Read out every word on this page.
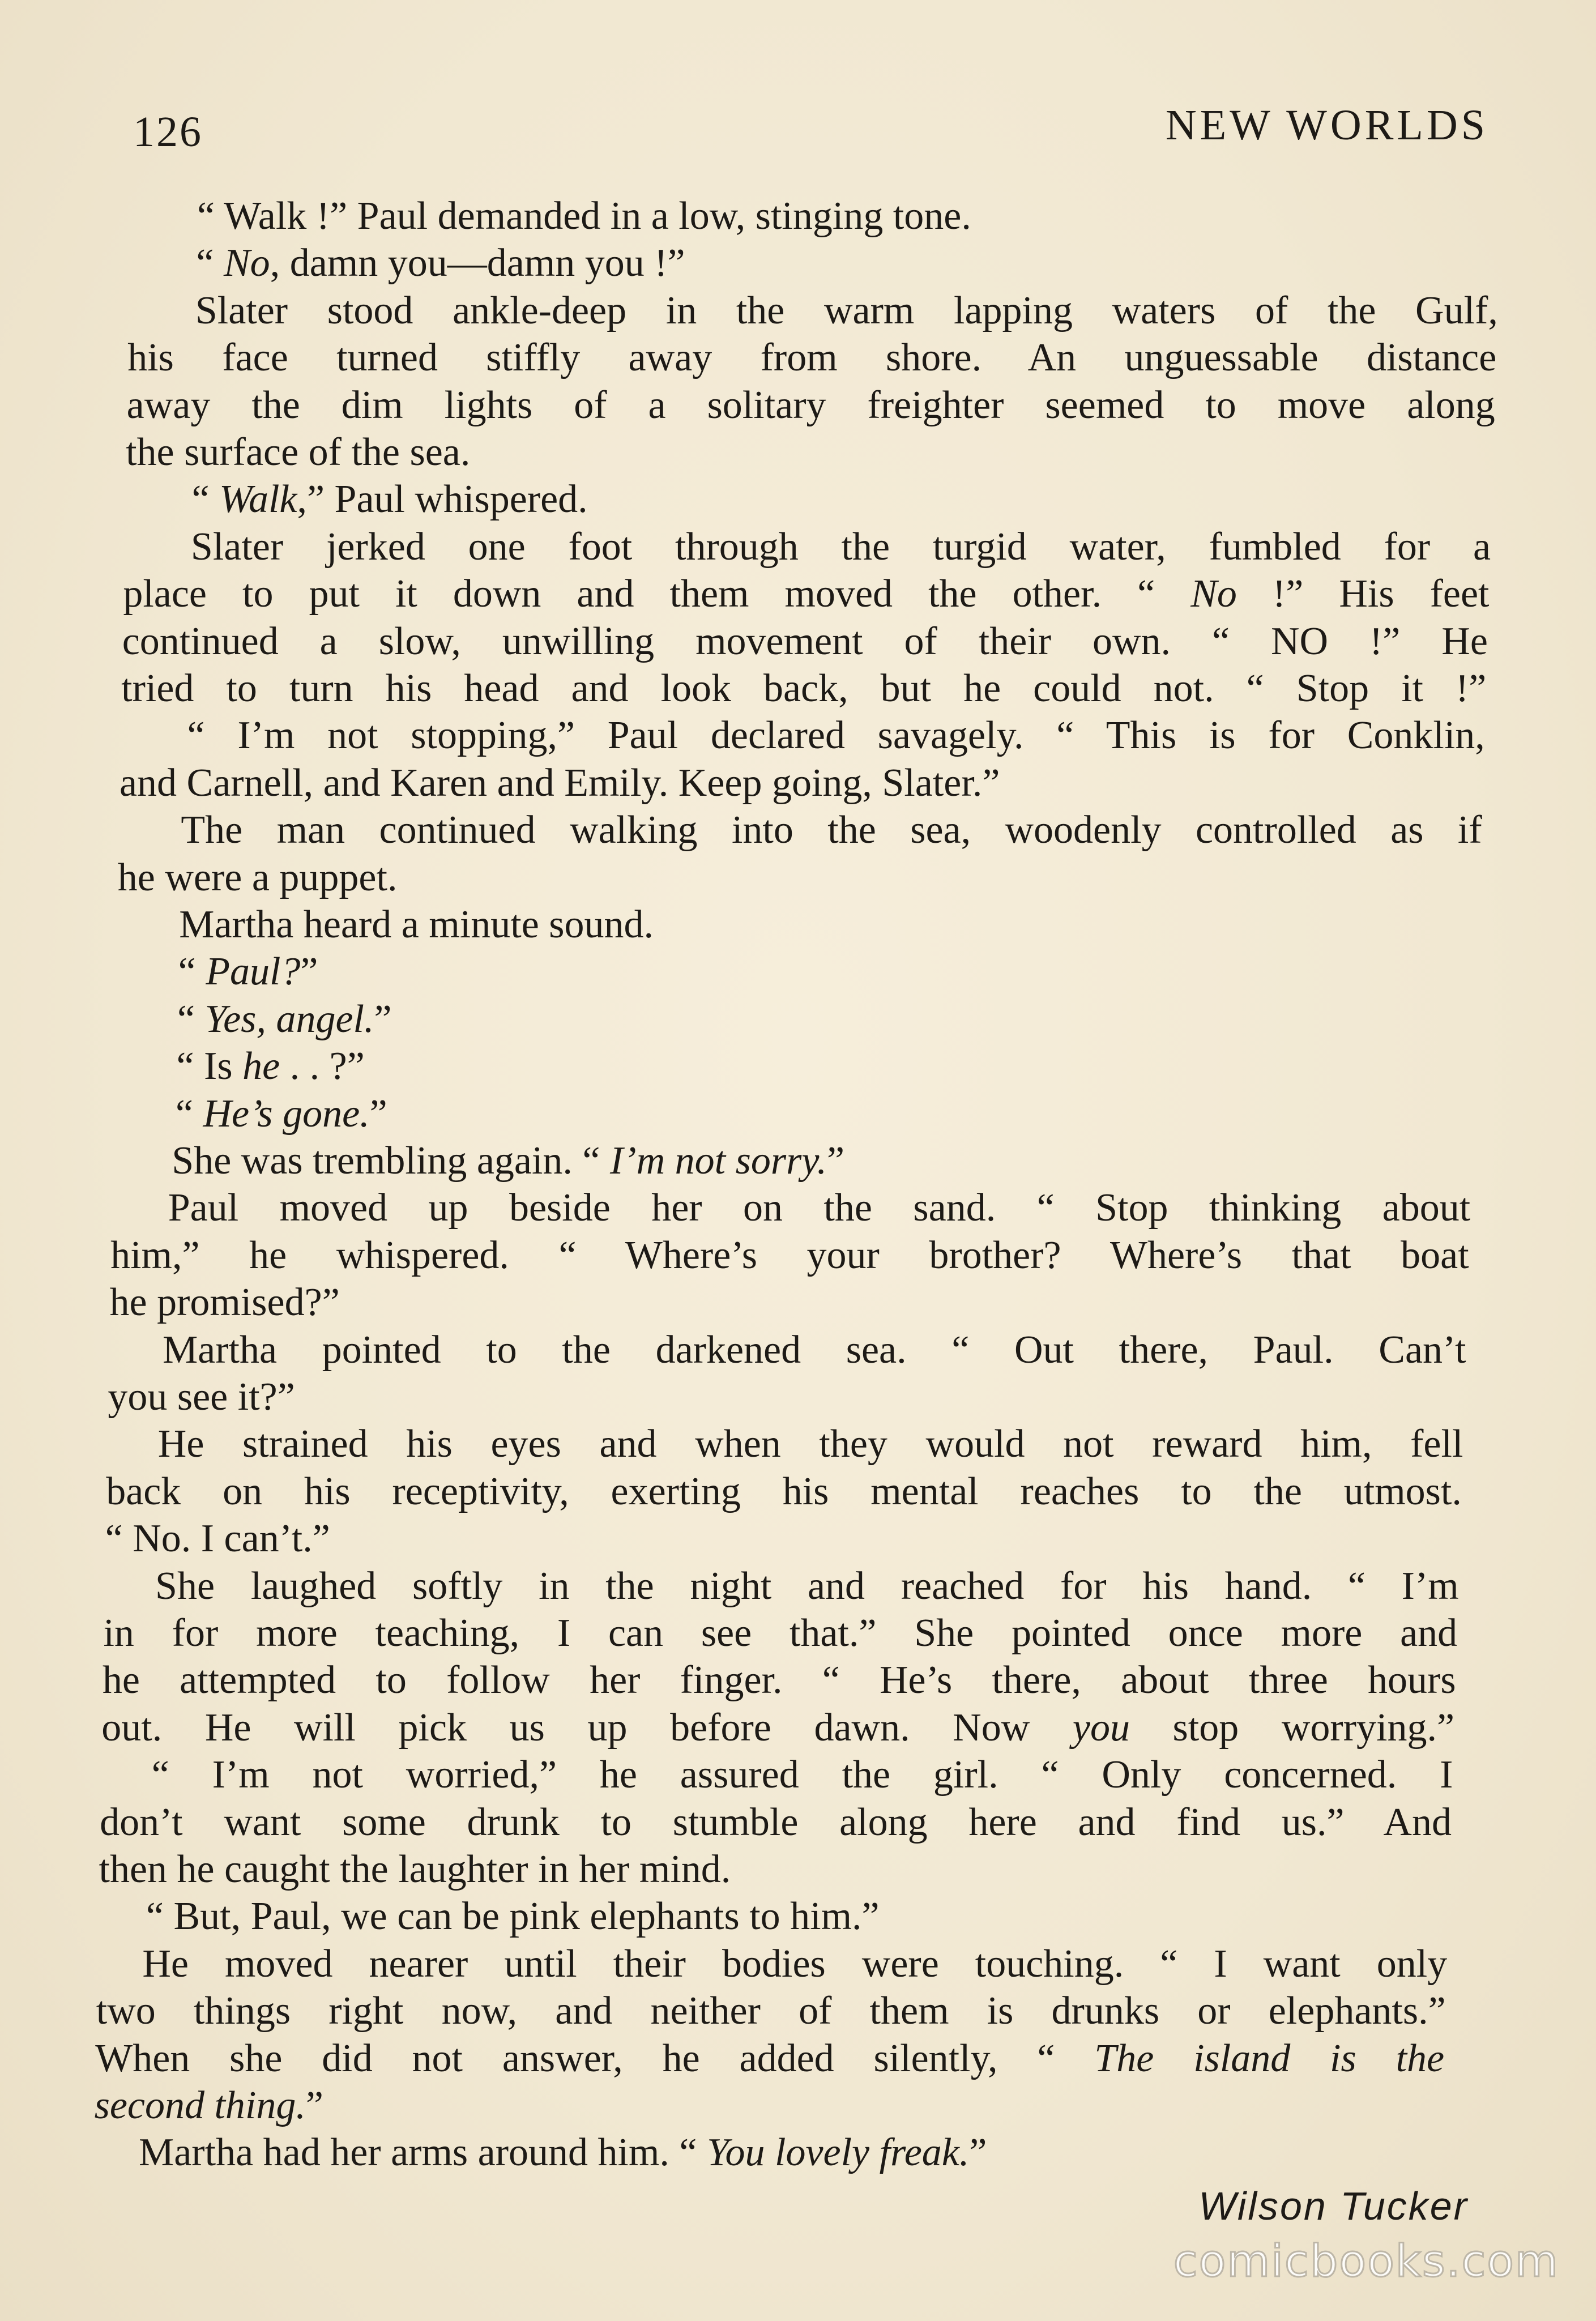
126	NEW WORLDS
“ Walk !” Paul demanded in a low, stinging tone.
“ No, damn you—damn you !”
Slater stood ankle-deep in the warm lapping waters of the Gulf,
his face turned stiffly away from shore. An unguessable distance
away the dim lights of a solitary freighter seemed to move along
the surface of the sea.
“ Walk,” Paul whispered.
Slater jerked one foot through the turgid water, fumbled for a
place to put it down and them moved the other. “ No !” His feet
continued a slow, unwilling movement of their own. “ NO !” He
tried to turn his head and look back, but he could not. “ Stop it !”
“ I’m not stopping,” Paul declared savagely. “ This is for Conklin,
and Carnell, and Karen and Emily. Keep going, Slater.”
The man continued walking into the sea, woodenly controlled as if
he were a puppet.
Martha heard a minute sound.
“ Paul?”
“ Yes, angel.”
“ Is he . . ?”
“ He’s gone.”
She was trembling again. “ I’m not sorry.”
Paul moved up beside her on the sand. “ Stop thinking about
him,” he whispered. “ Where’s your brother? Where’s that boat
he promised?”
Martha pointed to the darkened sea. “ Out there, Paul. Can’t
you see it?”
He strained his eyes and when they would not reward him, fell
back on his receptivity, exerting his mental reaches to the utmost.
“ No. I can’t.”
She laughed softly in the night and reached for his hand. “ I’m
in for more teaching, I can see that.” She pointed once more and
he attempted to follow her finger. “ He’s there, about three hours
out. He will pick us up before dawn. Now you stop worrying.”
“ I’m not worried,” he assured the girl. “ Only concerned. I
don’t want some drunk to stumble along here and find us.” And
then he caught the laughter in her mind.
“ But, Paul, we can be pink elephants to him.”
He moved nearer until their bodies were touching. “ I want only
two things right now, and neither of them is drunks or elephants.”
When she did not answer, he added silently, “ The island is the
second thing.”
Martha had her arms around him. “ You lovely freak.”
Wilson Tucker
comicbooks.com
